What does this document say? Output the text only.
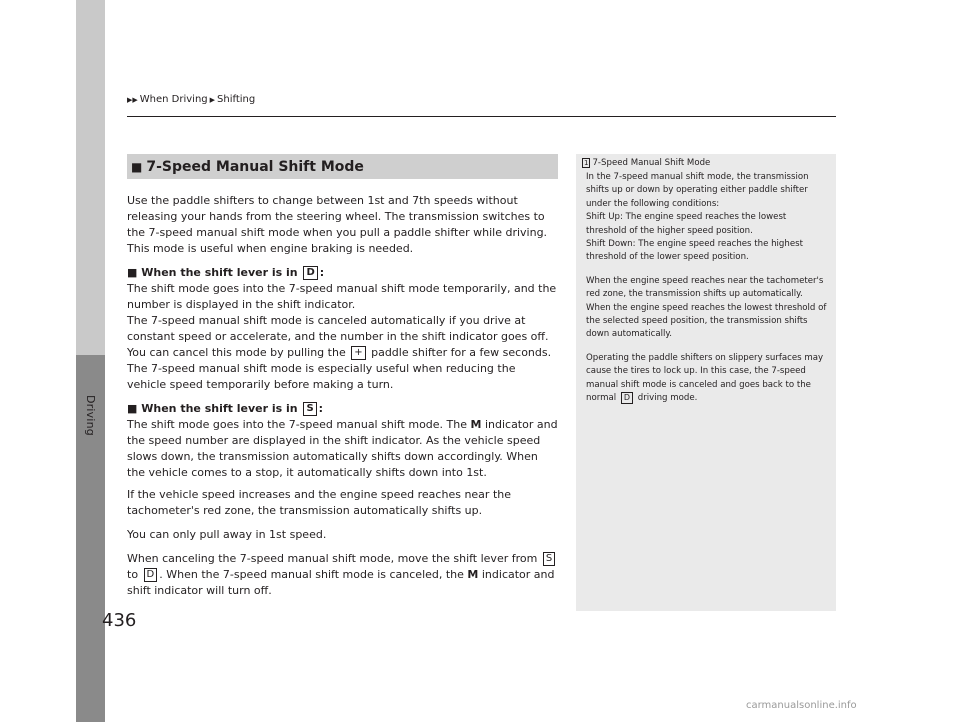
Driving
▶▶ When Driving ▶ Shifting
■ 7-Speed Manual Shift Mode

Use the paddle shifters to change between 1st and 7th speeds without releasing your hands from the steering wheel. The transmission switches to the 7-speed manual shift mode when you pull a paddle shifter while driving. This mode is useful when engine braking is needed.

■ When the shift lever is in D :

The shift mode goes into the 7-speed manual shift mode temporarily, and the number is displayed in the shift indicator.

The 7-speed manual shift mode is canceled automatically if you drive at constant speed or accelerate, and the number in the shift indicator goes off.

You can cancel this mode by pulling the + paddle shifter for a few seconds.

The 7-speed manual shift mode is especially useful when reducing the vehicle speed temporarily before making a turn.

■ When the shift lever is in S :

The shift mode goes into the 7-speed manual shift mode. The M indicator and the speed number are displayed in the shift indicator. As the vehicle speed slows down, the transmission automatically shifts down accordingly. When the vehicle comes to a stop, it automatically shifts down into 1st.

If the vehicle speed increases and the engine speed reaches near the tachometer's red zone, the transmission automatically shifts up.

You can only pull away in 1st speed.

When canceling the 7-speed manual shift mode, move the shift lever from S to D . When the 7-speed manual shift mode is canceled, the M indicator and shift indicator will turn off.

1 7-Speed Manual Shift Mode

In the 7-speed manual shift mode, the transmission shifts up or down by operating either paddle shifter under the following conditions:

Shift Up: The engine speed reaches the lowest threshold of the higher speed position.

Shift Down: The engine speed reaches the highest threshold of the lower speed position.

When the engine speed reaches near the tachometer's red zone, the transmission shifts up automatically.

When the engine speed reaches the lowest threshold of the selected speed position, the transmission shifts down automatically.

Operating the paddle shifters on slippery surfaces may cause the tires to lock up. In this case, the 7-speed manual shift mode is canceled and goes back to the normal D driving mode.

436
carmanualsonline.info
